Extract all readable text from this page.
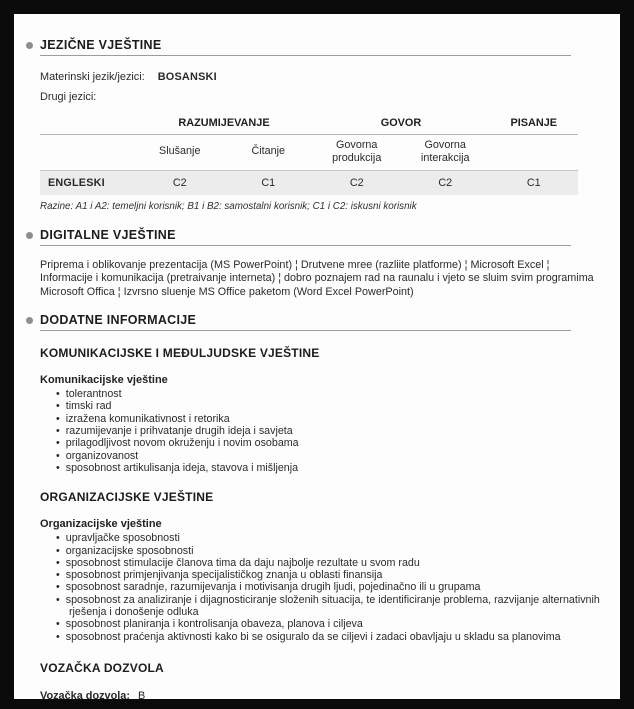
JEZIČNE VJEŠTINE
Materinski jezik/jezici: BOSANSKI
Drugi jezici:
	RAZUMIJEVANJE		GOVOR		PISANJE
	Slušanje	Čitanje	Govorna produkcija	Govorna interakcija	
ENGLESKI	C2	C1	C2	C2	C1
Razine: A1 i A2: temeljni korisnik; B1 i B2: samostalni korisnik; C1 i C2: iskusni korisnik
DIGITALNE VJEŠTINE

Priprema i oblikovanje prezentacija (MS PowerPoint) ¦ Drutvene mree (razliite platforme) ¦ Microsoft Excel ¦ Informacije i komunikacija (pretraivanje interneta) ¦ dobro poznajem rad na raunalu i vjeto se sluim svim programima Microsoft Offica ¦ Izvrsno sluenje MS Office paketom (Word Excel PowerPoint)

DODATNE INFORMACIJE
KOMUNIKACIJSKE I MEĐULJUDSKE VJEŠTINE
Komunikacijske vještine
• tolerantnost
• timski rad
• izražena komunikativnost i retorika
• razumijevanje i prihvatanje drugih ideja i savjeta
• prilagodljivost novom okruženju i novim osobama
• organizovanost
• sposobnost artikulisanja ideja, stavova i mišljenja
ORGANIZACIJSKE VJEŠTINE
Organizacijske vještine
• upravljačke sposobnosti
• organizacijske sposobnosti
• sposobnost stimulacije članova tima da daju najbolje rezultate u svom radu
• sposobnost primjenjivanja specijalističkog znanja u oblasti finansija
• sposobnost saradnje, razumijevanja i motivisanja drugih ljudi, pojedinačno ili u grupama
• sposobnost za analiziranje i dijagnosticiranje složenih situacija, te identificiranje problema, razvijanje alternativnih rješenja i donošenje odluka
• sposobnost planiranja i kontrolisanja obaveza, planova i ciljeva
• sposobnost praćenja aktivnosti kako bi se osiguralo da se ciljevi i zadaci obavljaju u skladu sa planovima
VOZAČKA DOZVOLA
Vozačka dozvola: B
